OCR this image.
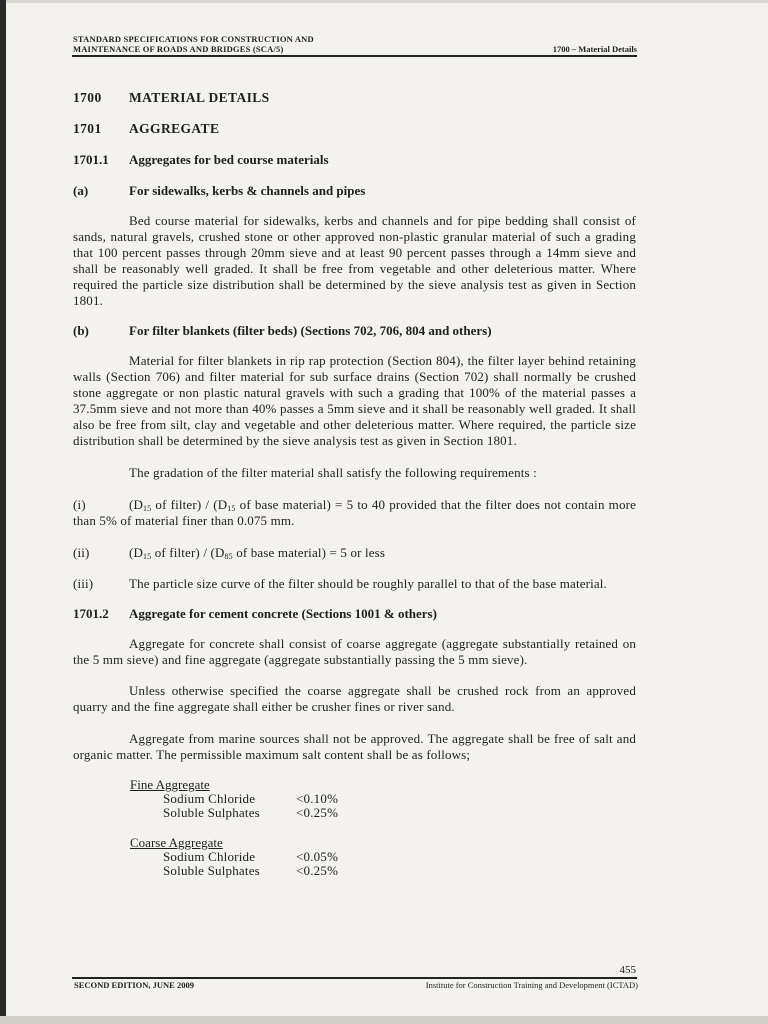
STANDARD SPECIFICATIONS FOR CONSTRUCTION AND
MAINTENANCE OF ROADS AND BRIDGES (SCA/5)	1700 – Material Details
1700 MATERIAL DETAILS
1701 AGGREGATE
1701.1 Aggregates for bed course materials
(a)	For sidewalks, kerbs & channels and pipes

Bed course material for sidewalks, kerbs and channels and for pipe bedding shall consist of sands, natural gravels, crushed stone or other approved non-plastic granular material of such a grading that 100 percent passes through 20mm sieve and at least 90 percent passes through a 14mm sieve and shall be reasonably well graded. It shall be free from vegetable and other deleterious matter. Where required the particle size distribution shall be determined by the sieve analysis test as given in Section 1801.

(b)	For filter blankets (filter beds) (Sections 702, 706, 804 and others)

Material for filter blankets in rip rap protection (Section 804), the filter layer behind retaining walls (Section 706) and filter material for sub surface drains (Section 702) shall normally be crushed stone aggregate or non plastic natural gravels with such a grading that 100% of the material passes a 37.5mm sieve and not more than 40% passes a 5mm sieve and it shall be reasonably well graded. It shall also be free from silt, clay and vegetable and other deleterious matter. Where required, the particle size distribution shall be determined by the sieve analysis test as given in Section 1801.

The gradation of the filter material shall satisfy the following requirements :

(i)	($D_{15}$ of filter) / ($D_{15}$ of base material) = 5 to 40 provided that the filter does not contain more than 5% of material finer than 0.075 mm.

(ii)	($D_{15}$ of filter) / ($D_{85}$ of base material) = 5 or less

(iii)	The particle size curve of the filter should be roughly parallel to that of the base material.

1701.2 Aggregate for cement concrete (Sections 1001 & others)

Aggregate for concrete shall consist of coarse aggregate (aggregate substantially retained on the 5 mm sieve) and fine aggregate (aggregate substantially passing the 5 mm sieve).

Unless otherwise specified the coarse aggregate shall be crushed rock from an approved quarry and the fine aggregate shall either be crusher fines or river sand.

Aggregate from marine sources shall not be approved. The aggregate shall be free of salt and organic matter. The permissible maximum salt content shall be as follows;

Fine Aggregate
Sodium Chloride	<0.10%
Soluble Sulphates	<0.25%
Coarse Aggregate
Sodium Chloride	<0.05%
Soluble Sulphates	<0.25%
455
SECOND EDITION, JUNE 2009	Institute for Construction Training and Development (ICTAD)
